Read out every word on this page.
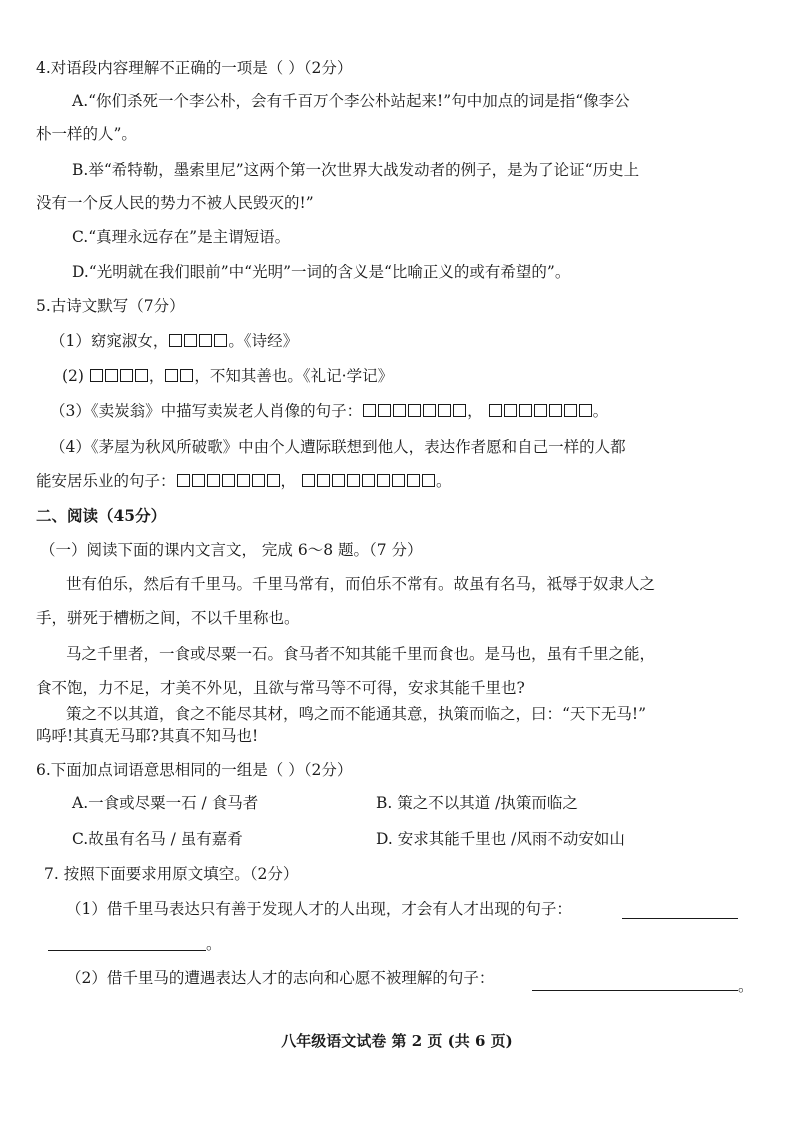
4.对语段内容理解不正确的一项是（ ）（2分）
A.“你们杀死一个李公朴，会有千百万个李公朴站起来!”句中加点的词是指“像李公
朴一样的人”。
B.举“希特勒，墨索里尼”这两个第一次世界大战发动者的例子，是为了论证“历史上
没有一个反人民的势力不被人民毁灭的!”
C.“真理永远存在”是主谓短语。
D.“光明就在我们眼前”中“光明”一词的含义是“比喻正义的或有希望的”。
5.古诗文默写（7分）
（1）窈窕淑女，	。《诗经》
(2)	， ，不知其善也。《礼记·学记》
（3）《卖炭翁》中描写卖炭老人肖像的句子：	，	。
（4）《茅屋为秋风所破歌》中由个人遭际联想到他人，表达作者愿和自己一样的人都
能安居乐业的句子：	，	。
二、阅读（45分）
（一）阅读下面的课内文言文， 完成 6～8 题。（7 分）
世有伯乐，然后有千里马。千里马常有，而伯乐不常有。故虽有名马，祗辱于奴隶人之
手，骈死于槽枥之间，不以千里称也。
马之千里者，一食或尽粟一石。食马者不知其能千里而食也。是马也，虽有千里之能，
食不饱，力不足，才美不外见，且欲与常马等不可得，安求其能千里也?
策之不以其道，食之不能尽其材，鸣之而不能通其意，执策而临之，曰：“天下无马!”
呜呼!其真无马耶?其真不知马也!
6.下面加点词语意思相同的一组是（ ）（2分）
A.一食或尽粟一石 / 食马者	B. 策之不以其道 /执策而临之
C.故虽有名马 / 虽有嘉肴	D. 安求其能千里也 /风雨不动安如山
7. 按照下面要求用原文填空。（2分）
（1）借千里马表达只有善于发现人才的人出现，才会有人才出现的句子：
。
（2）借千里马的遭遇表达人才的志向和心愿不被理解的句子：	。
八年级语文试卷 第 2 页 (共 6 页)
